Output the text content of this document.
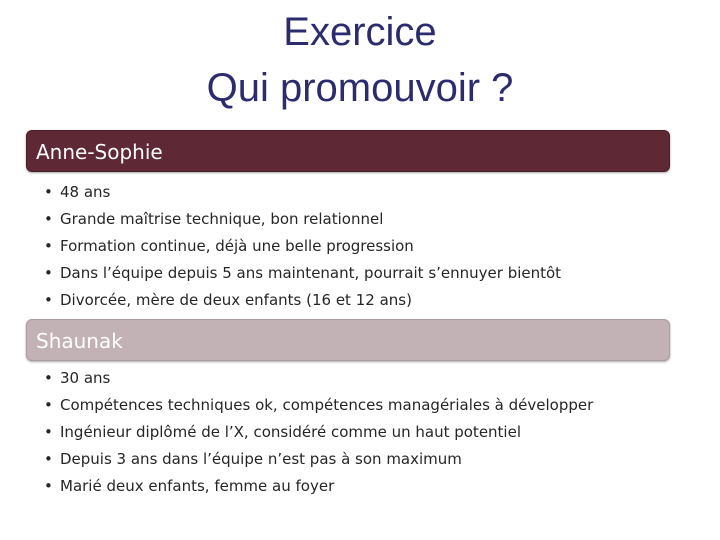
Exercice
Qui promouvoir ?
Anne-Sophie
• 48 ans
• Grande maîtrise technique, bon relationnel
• Formation continue, déjà une belle progression
• Dans l’équipe depuis 5 ans maintenant, pourrait s’ennuyer bientôt
• Divorcée, mère de deux enfants (16 et 12 ans)
Shaunak
• 30 ans
• Compétences techniques ok, compétences managériales à développer
• Ingénieur diplômé de l’X, considéré comme un haut potentiel
• Depuis 3 ans dans l’équipe n’est pas à son maximum
• Marié deux enfants, femme au foyer
